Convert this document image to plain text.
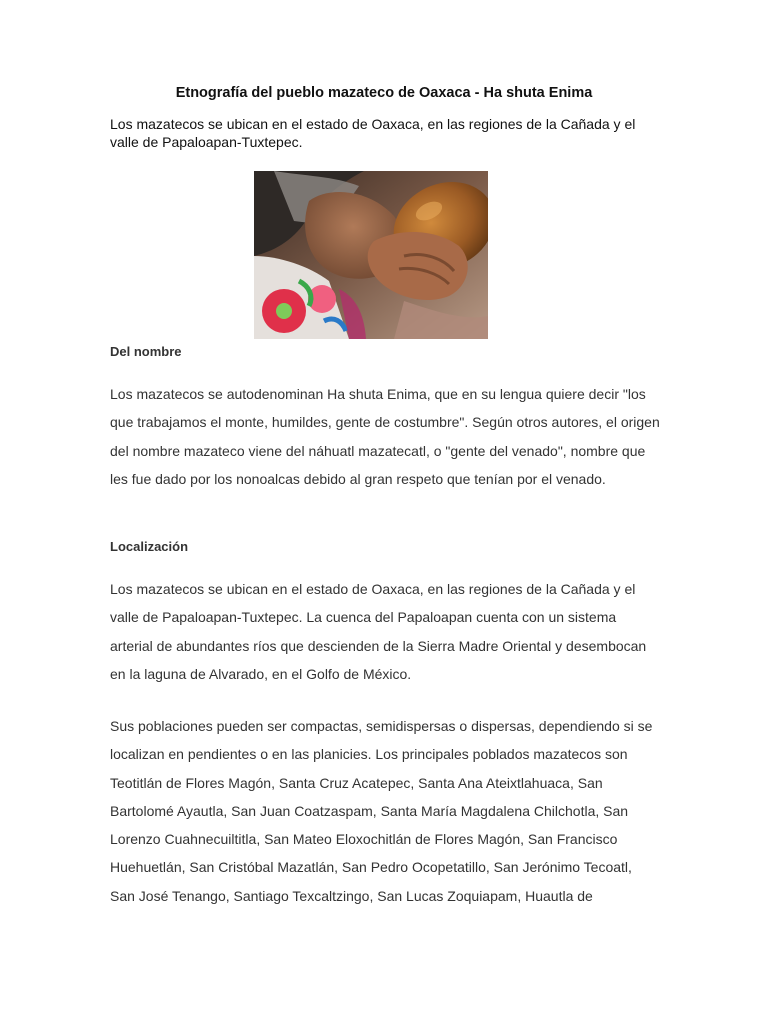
Etnografía del pueblo mazateco de Oaxaca - Ha shuta Enima

Los mazatecos se ubican en el estado de Oaxaca, en las regiones de la Cañada y el valle de Papaloapan-Tuxtepec.

Del nombre

Los mazatecos se autodenominan Ha shuta Enima, que en su lengua quiere decir "los que trabajamos el monte, humildes, gente de costumbre". Según otros autores, el origen del nombre mazateco viene del náhuatl mazatecatl, o "gente del venado", nombre que les fue dado por los nonoalcas debido al gran respeto que tenían por el venado.

Localización

Los mazatecos se ubican en el estado de Oaxaca, en las regiones de la Cañada y el valle de Papaloapan-Tuxtepec. La cuenca del Papaloapan cuenta con un sistema arterial de abundantes ríos que descienden de la Sierra Madre Oriental y desembocan en la laguna de Alvarado, en el Golfo de México.

Sus poblaciones pueden ser compactas, semidispersas o dispersas, dependiendo si se localizan en pendientes o en las planicies. Los principales poblados mazatecos son Teotitlán de Flores Magón, Santa Cruz Acatepec, Santa Ana Ateixtlahuaca, San Bartolomé Ayautla, San Juan Coatzaspam, Santa María Magdalena Chilchotla, San Lorenzo Cuahnecuiltitla, San Mateo Eloxochitlán de Flores Magón, San Francisco Huehuetlán, San Cristóbal Mazatlán, San Pedro Ocopetatillo, San Jerónimo Tecoatl, San José Tenango, Santiago Texcaltzingo, San Lucas Zoquiapam, Huautla de
